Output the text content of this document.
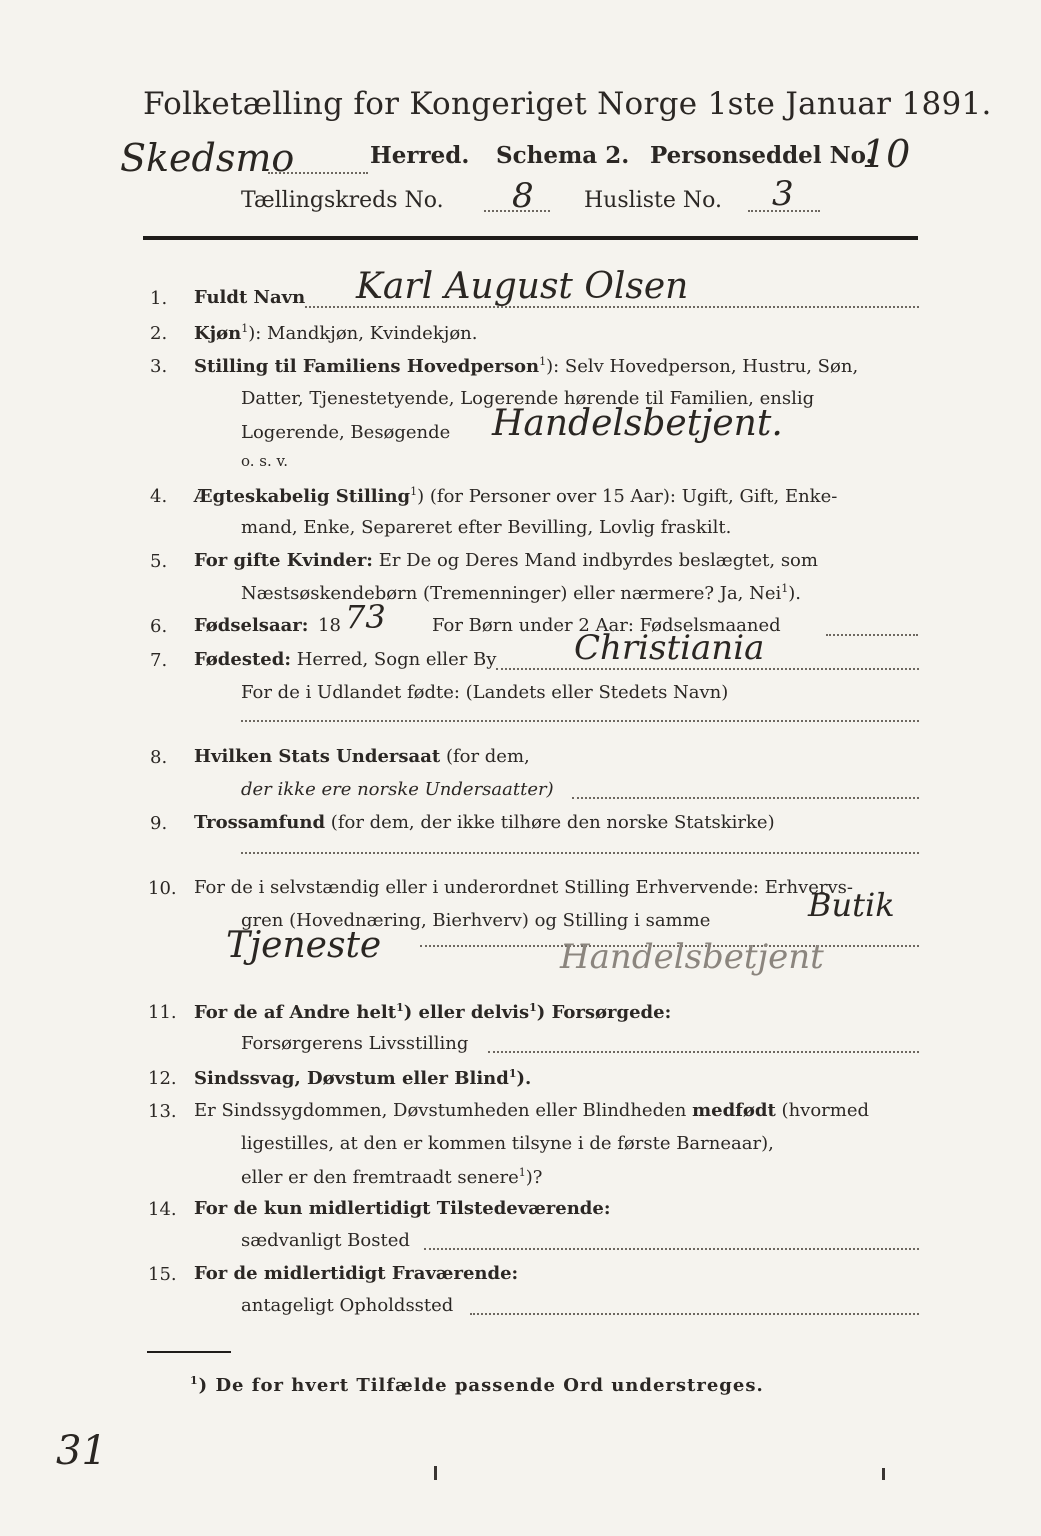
Folketælling for Kongeriget Norge 1ste Januar 1891.
Skedsmo	Herred. Schema 2. Personseddel No.
10
Tællingskreds No. 8 Husliste No. 3
1. Fuldt Navn Karl August Olsen
2. Kjøn$^1$): Mandkjøn, Kvindekjøn.
3. Stilling til Familiens Hovedperson$^1$): Selv Hovedperson, Hustru, Søn,
Datter, Tjenestetyende, Logerende hørende til Familien, enslig
Logerende, Besøgende Handelsbetjent.
o. s. v.
4. Ægteskabelig Stilling$^1$) (for Personer over 15 Aar): Ugift, Gift, Enke-
mand, Enke, Separeret efter Bevilling, Lovlig fraskilt.
5. For gifte Kvinder: Er De og Deres Mand indbyrdes beslægtet, som
Næstsøskendebørn (Tremenninger) eller nærmere? Ja, Nei$^1$).
6. Fødselsaar: 18 73	For Børn under 2 Aar: Fødselsmaaned
7. Fødested: Herred, Sogn eller By Christiania
For de i Udlandet fødte: (Landets eller Stedets Navn)
8. Hvilken Stats Undersaat (for dem,
der ikke ere norske Undersaatter)
9. Trossamfund (for dem, der ikke tilhøre den norske Statskirke)
10. For de i selvstændig eller i underordnet Stilling Erhvervende: Erhvervs-
gren (Hovednæring, Bierhverv) og Stilling i samme	Butik
Tjeneste	Handelsbetjent
11. For de af Andre helt$^1$) eller delvis$^1$) Forsørgede:
Forsørgerens Livsstilling
12. Sindssvag, Døvstum eller Blind$^1$).
13. Er Sindssygdommen, Døvstumheden eller Blindheden medfødt (hvormed
ligestilles, at den er kommen tilsyne i de første Barneaar),
eller er den fremtraadt senere$^1$)?
14. For de kun midlertidigt Tilstedeværende:
sædvanligt Bosted
15. For de midlertidigt Fraværende:
antageligt Opholdssted
$^1$) De for hvert Tilfælde passende Ord understreges.
31
